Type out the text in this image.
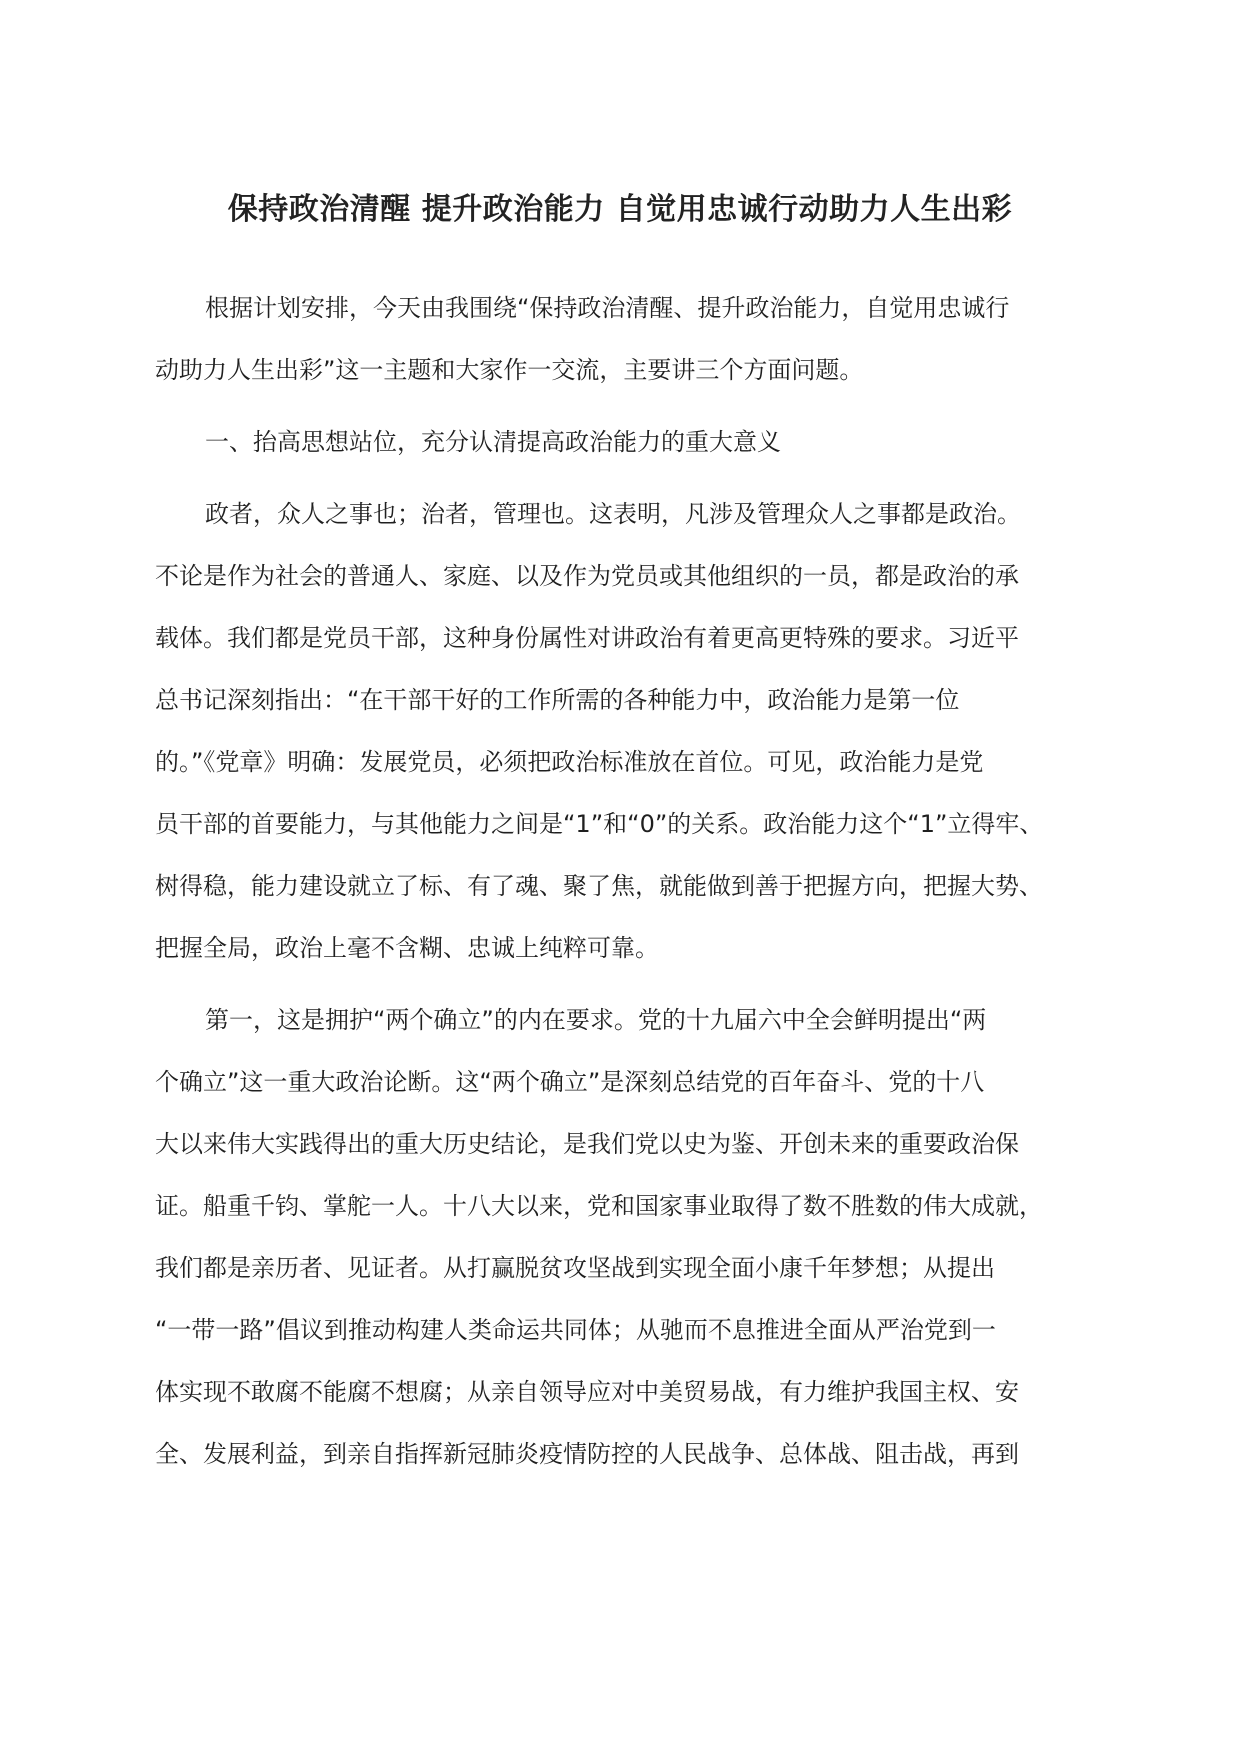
保持政治清醒 提升政治能力 自觉用忠诚行动助力人生出彩
根据计划安排，今天由我围绕“保持政治清醒、提升政治能力，自觉用忠诚行
动助力人生出彩”这一主题和大家作一交流，主要讲三个方面问题。
一、抬高思想站位，充分认清提高政治能力的重大意义
政者，众人之事也；治者，管理也。这表明，凡涉及管理众人之事都是政治。
不论是作为社会的普通人、家庭、以及作为党员或其他组织的一员，都是政治的承
载体。我们都是党员干部，这种身份属性对讲政治有着更高更特殊的要求。习近平
总书记深刻指出：“在干部干好的工作所需的各种能力中，政治能力是第一位
的。”《党章》明确：发展党员，必须把政治标准放在首位。可见，政治能力是党
员干部的首要能力，与其他能力之间是“1”和“0”的关系。政治能力这个“1”立得牢、
树得稳，能力建设就立了标、有了魂、聚了焦，就能做到善于把握方向，把握大势、
把握全局，政治上毫不含糊、忠诚上纯粹可靠。
第一，这是拥护“两个确立”的内在要求。党的十九届六中全会鲜明提出“两
个确立”这一重大政治论断。这“两个确立”是深刻总结党的百年奋斗、党的十八
大以来伟大实践得出的重大历史结论，是我们党以史为鉴、开创未来的重要政治保
证。船重千钧、掌舵一人。十八大以来，党和国家事业取得了数不胜数的伟大成就，
我们都是亲历者、见证者。从打赢脱贫攻坚战到实现全面小康千年梦想；从提出
“一带一路”倡议到推动构建人类命运共同体；从驰而不息推进全面从严治党到一
体实现不敢腐不能腐不想腐；从亲自领导应对中美贸易战，有力维护我国主权、安
全、发展利益，到亲自指挥新冠肺炎疫情防控的人民战争、总体战、阻击战，再到
